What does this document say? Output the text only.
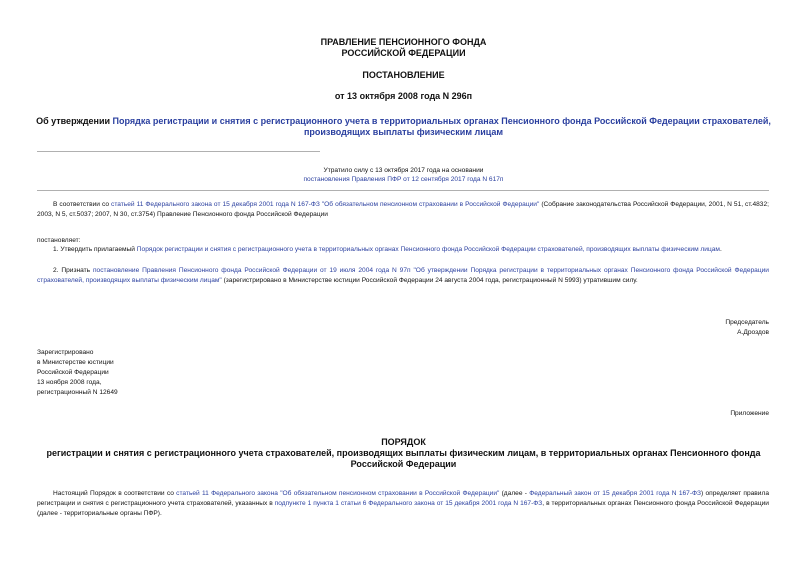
ПРАВЛЕНИЕ ПЕНСИОННОГО ФОНДА
РОССИЙСКОЙ ФЕДЕРАЦИИ
ПОСТАНОВЛЕНИЕ
от 13 октября 2008 года N 296п
Об утверждении Порядка регистрации и снятия с регистрационного учета в территориальных органах Пенсионного фонда Российской Федерации страхователей,
производящих выплаты физическим лицам
Утратило силу с 13 октября 2017 года на основании
постановления Правления ПФР от 12 сентября 2017 года N 617п
В соответствии со статьей 11 Федерального закона от 15 декабря 2001 года N 167-ФЗ "Об обязательном пенсионном страховании в Российской Федерации" (Собрание законодательства Российской Федерации, 2001, N 51, ст.4832; 2003, N 5, ст.5037; 2007, N 30, ст.3754) Правление Пенсионного фонда Российской Федерации
постановляет:
1. Утвердить прилагаемый Порядок регистрации и снятия с регистрационного учета в территориальных органах Пенсионного фонда Российской Федерации страхователей, производящих выплаты физическим лицам.
2. Признать постановление Правления Пенсионного фонда Российской Федерации от 19 июля 2004 года N 97п "Об утверждении Порядка регистрации в территориальных органах Пенсионного фонда Российской Федерации страхователей, производящих выплаты физическим лицам" (зарегистрировано в Министерстве юстиции Российской Федерации 24 августа 2004 года, регистрационный N 5993) утратившим силу.
Председатель
А.Дроздов
Зарегистрировано
в Министерстве юстиции
Российской Федерации
13 ноября 2008 года,
регистрационный N 12649
Приложение
ПОРЯДОК
регистрации и снятия с регистрационного учета страхователей, производящих выплаты физическим лицам, в территориальных органах Пенсионного фонда
Российской Федерации
Настоящий Порядок в соответствии со статьей 11 Федерального закона "Об обязательном пенсионном страховании в Российской Федерации" (далее - Федеральный закон от 15 декабря 2001 года N 167-ФЗ) определяет правила регистрации и снятия с регистрационного учета страхователей, указанных в подпункте 1 пункта 1 статьи 6 Федерального закона от 15 декабря 2001 года N 167-ФЗ, в территориальных органах Пенсионного фонда Российской Федерации (далее - территориальные органы ПФР).
